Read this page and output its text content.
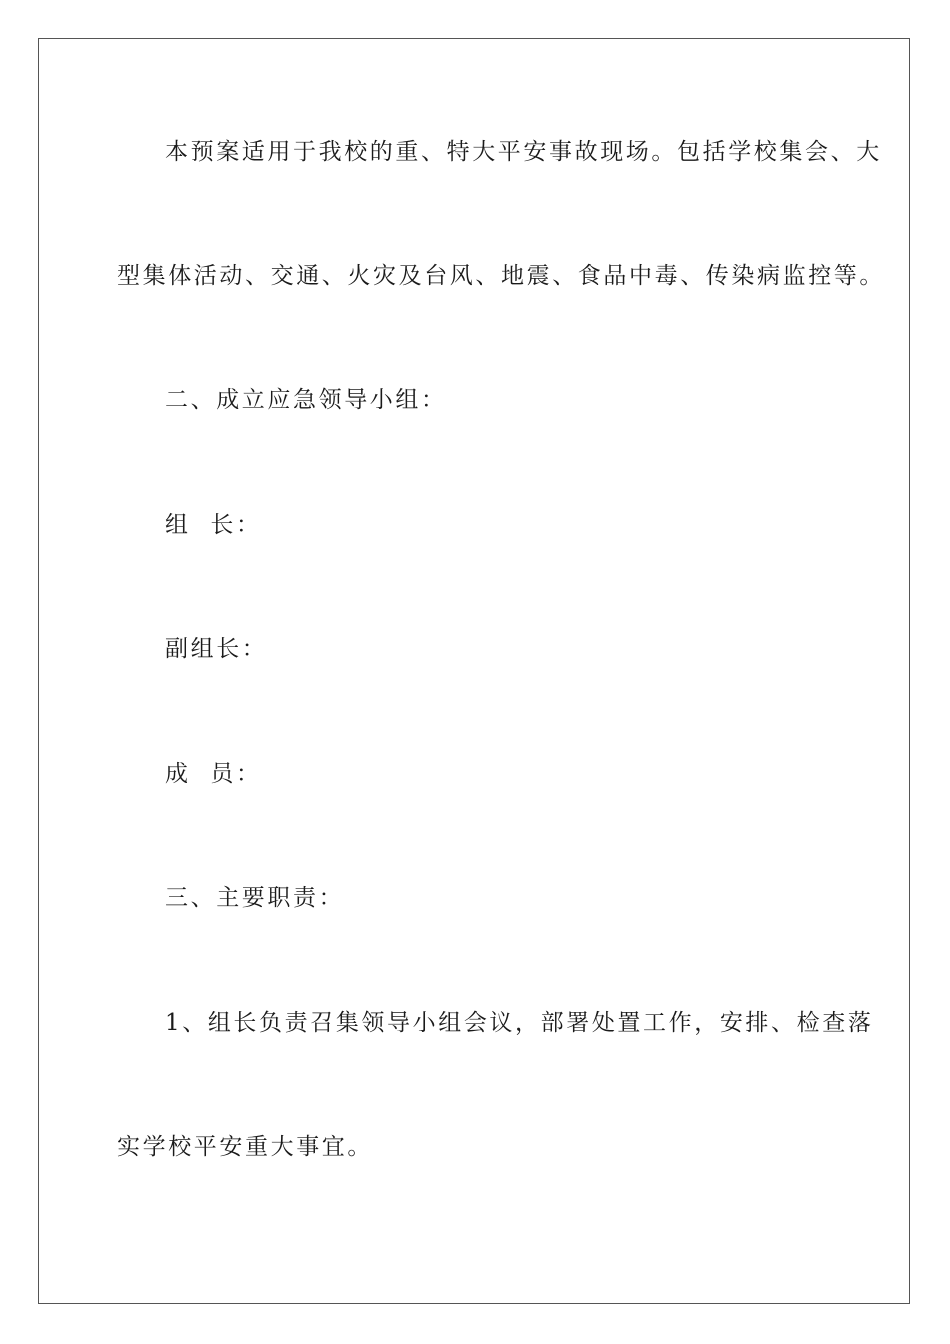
本预案适用于我校的重、特大平安事故现场。包括学校集会、大
型集体活动、交通、火灾及台风、地震、食品中毒、传染病监控等。
二、成立应急领导小组：
组  长：
副组长：
成  员：
三、主要职责：
1、组长负责召集领导小组会议，部署处置工作，安排、检查落
实学校平安重大事宜。
